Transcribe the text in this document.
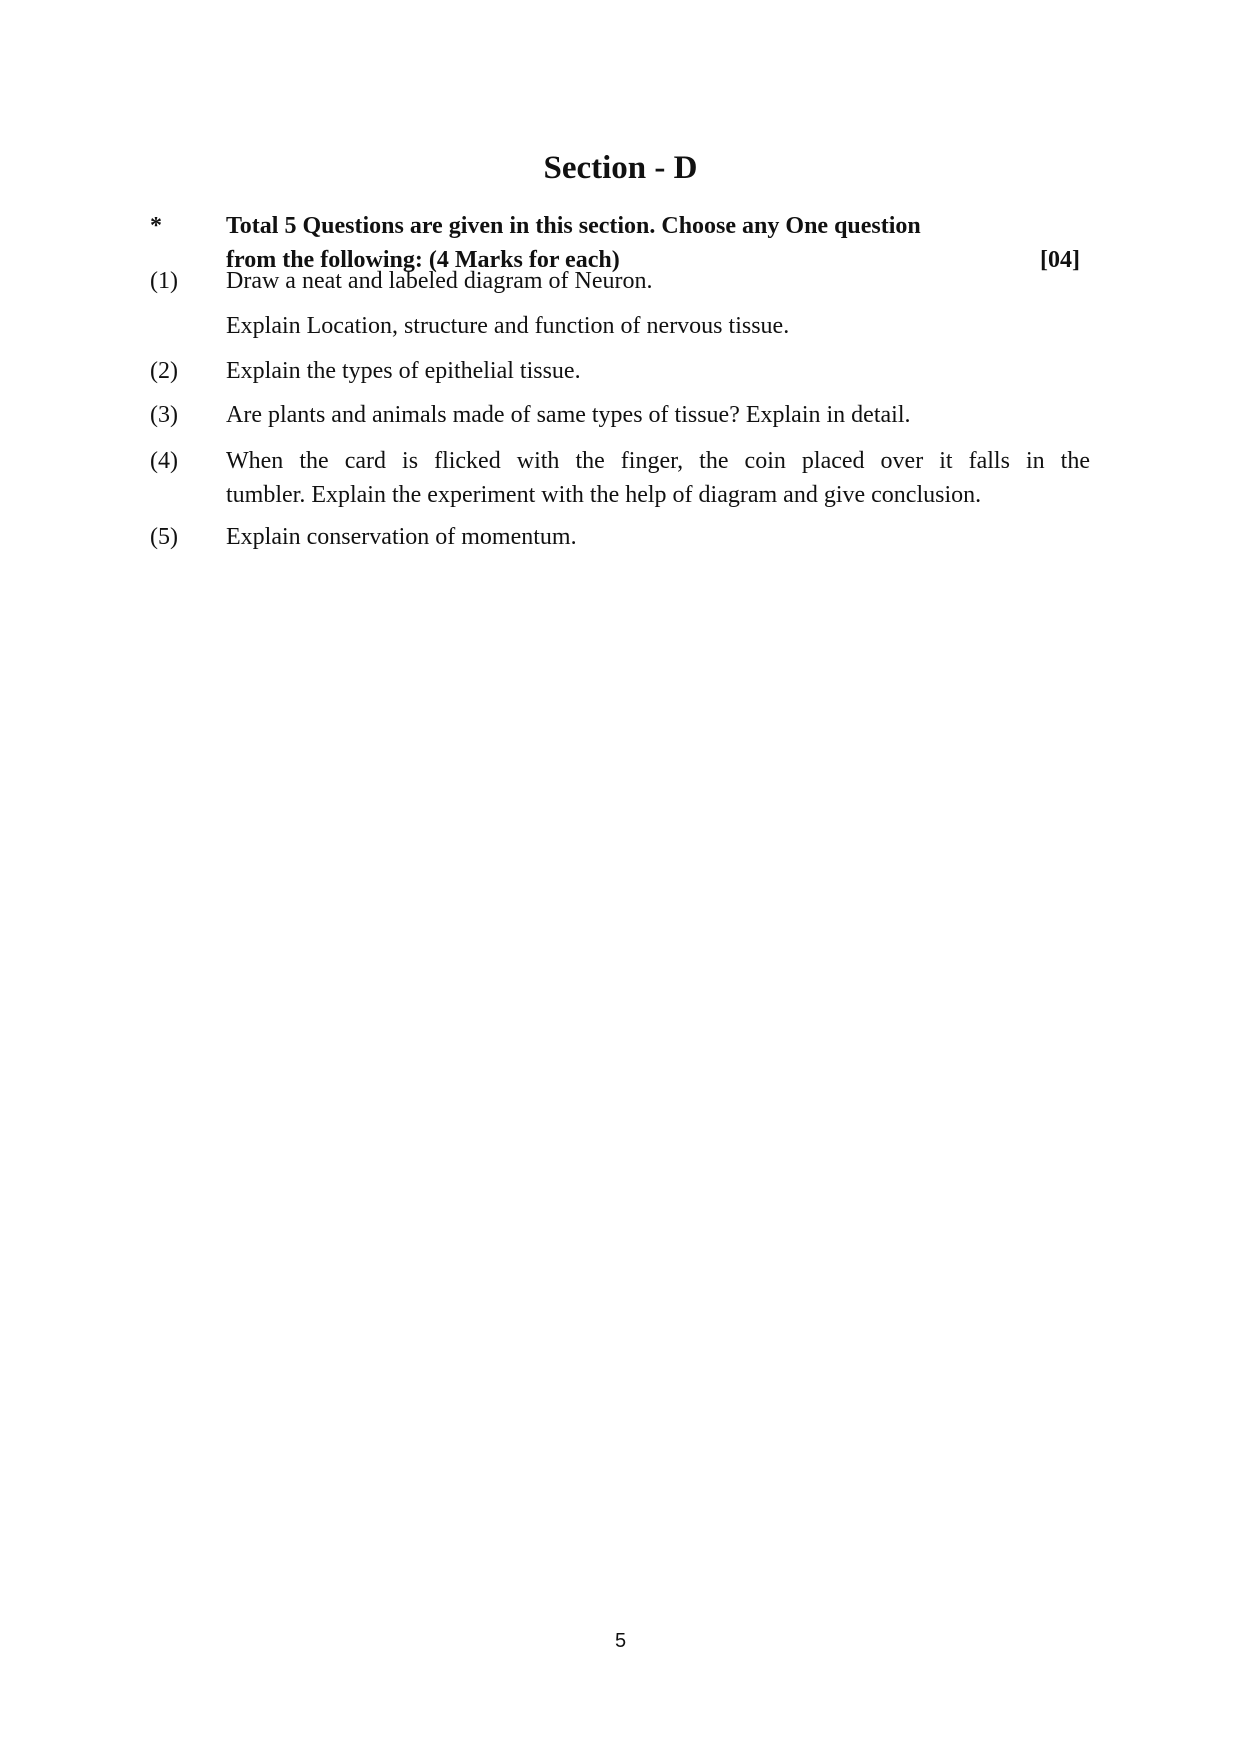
Section - D
*	Total 5 Questions are given in this section. Choose any One question
from the following: (4 Marks for each)	[04]
(1) Draw a neat and labeled diagram of Neuron.
Explain Location, structure and function of nervous tissue.
(2) Explain the types of epithelial tissue.
(3) Are plants and animals made of same types of tissue? Explain in detail.
(4) When the card is flicked with the finger, the coin placed over it falls in the
tumbler. Explain the experiment with the help of diagram and give conclusion.
(5) Explain conservation of momentum.
5
